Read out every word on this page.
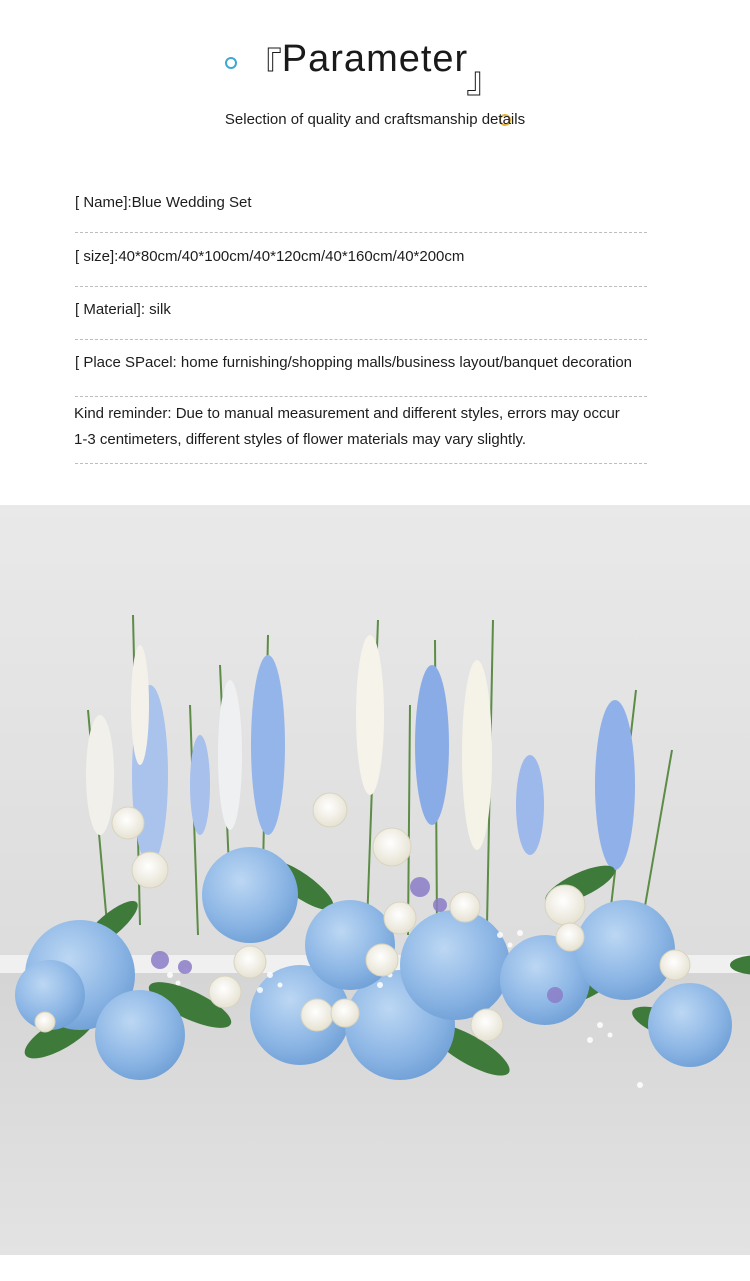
『 Parameter
』
Selection of quality and craftsmanship details
[ Name]:Blue Wedding Set
[ size]:40*80cm/40*100cm/40*120cm/40*160cm/40*200cm
[ Material]: silk
[ Place SPacel: home furnishing/shopping malls/business layout/banquet decoration
Kind reminder: Due to manual measurement and different styles, errors may occur
1-3 centimeters, different styles of flower materials may vary slightly.
